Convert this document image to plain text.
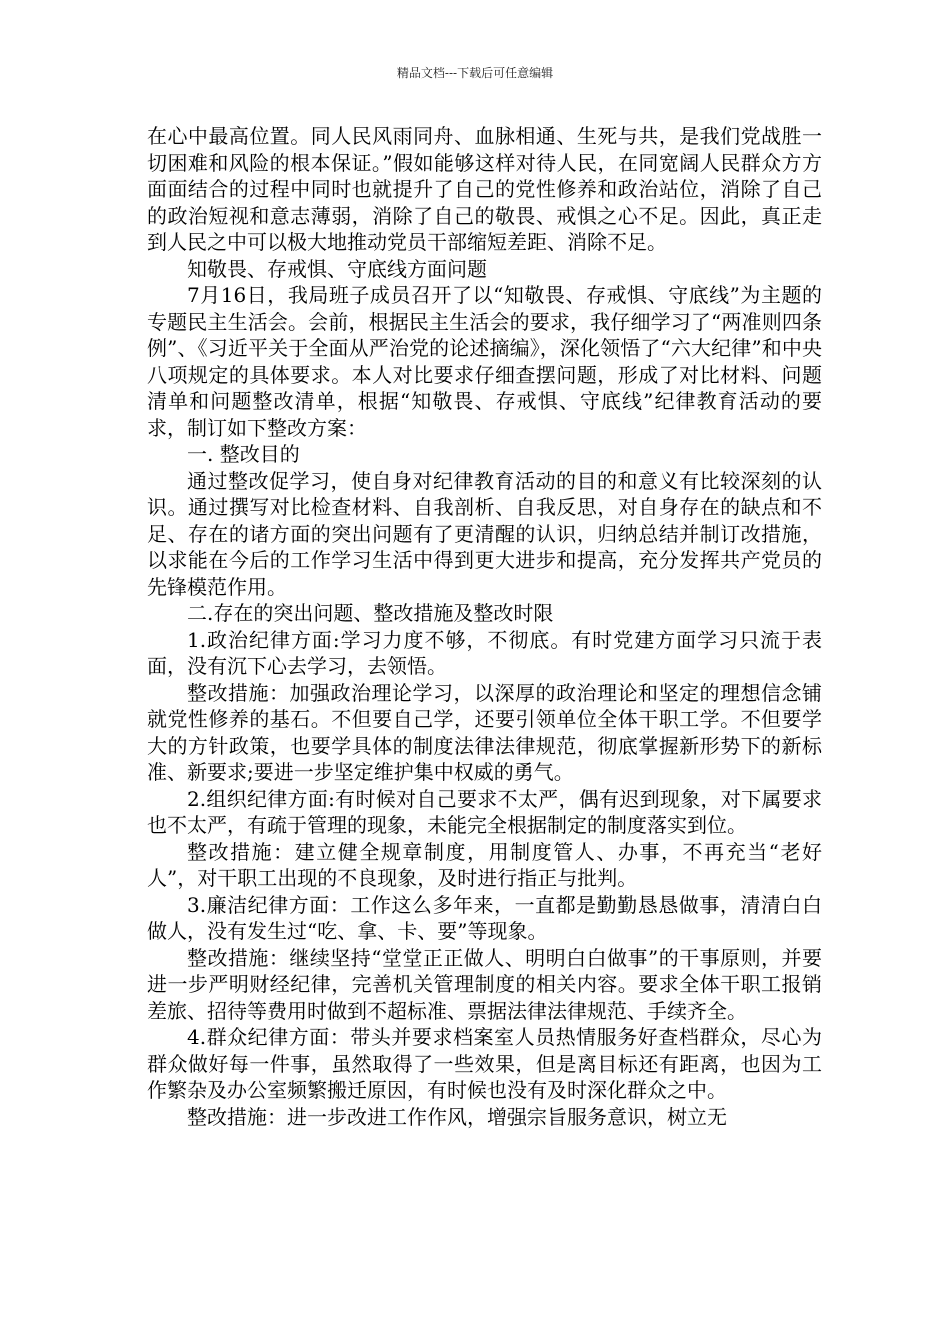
精品文档---下载后可任意编辑

在心中最高位置。同人民风雨同舟、血脉相通、生死与共，是我们党战胜一切困难和风险的根本保证。”假如能够这样对待人民，在同宽阔人民群众方方面面结合的过程中同时也就提升了自己的党性修养和政治站位，消除了自己的政治短视和意志薄弱，消除了自己的敬畏、戒惧之心不足。因此，真正走到人民之中可以极大地推动党员干部缩短差距、消除不足。

知敬畏、存戒惧、守底线方面问题

7月16日，我局班子成员召开了以“知敬畏、存戒惧、守底线”为主题的专题民主生活会。会前，根据民主生活会的要求，我仔细学习了“两准则四条例”、《习近平关于全面从严治党的论述摘编》，深化领悟了“六大纪律”和中央八项规定的具体要求。本人对比要求仔细查摆问题，形成了对比材料、问题清单和问题整改清单，根据“知敬畏、存戒惧、守底线”纪律教育活动的要求，制订如下整改方案：

一. 整改目的

通过整改促学习，使自身对纪律教育活动的目的和意义有比较深刻的认识。通过撰写对比检查材料、自我剖析、自我反思，对自身存在的缺点和不足、存在的诸方面的突出问题有了更清醒的认识，归纳总结并制订改措施，以求能在今后的工作学习生活中得到更大进步和提高，充分发挥共产党员的先锋模范作用。

二.存在的突出问题、整改措施及整改时限

1.政治纪律方面:学习力度不够，不彻底。有时党建方面学习只流于表面，没有沉下心去学习，去领悟。

整改措施：加强政治理论学习，以深厚的政治理论和坚定的理想信念铺就党性修养的基石。不但要自己学，还要引领单位全体干职工学。不但要学大的方针政策，也要学具体的制度法律法律规范，彻底掌握新形势下的新标准、新要求;要进一步坚定维护集中权威的勇气。

2.组织纪律方面:有时候对自己要求不太严，偶有迟到现象，对下属要求也不太严，有疏于管理的现象，未能完全根据制定的制度落实到位。

整改措施：建立健全规章制度，用制度管人、办事，不再充当“老好人”，对干职工出现的不良现象，及时进行指正与批判。

3.廉洁纪律方面：工作这么多年来，一直都是勤勤恳恳做事，清清白白做人，没有发生过“吃、拿、卡、要”等现象。

整改措施：继续坚持“堂堂正正做人、明明白白做事”的干事原则，并要进一步严明财经纪律，完善机关管理制度的相关内容。要求全体干职工报销差旅、招待等费用时做到不超标准、票据法律法律规范、手续齐全。

4.群众纪律方面：带头并要求档案室人员热情服务好查档群众，尽心为群众做好每一件事，虽然取得了一些效果，但是离目标还有距离，也因为工作繁杂及办公室频繁搬迁原因，有时候也没有及时深化群众之中。

整改措施：进一步改进工作作风，增强宗旨服务意识，树立无
